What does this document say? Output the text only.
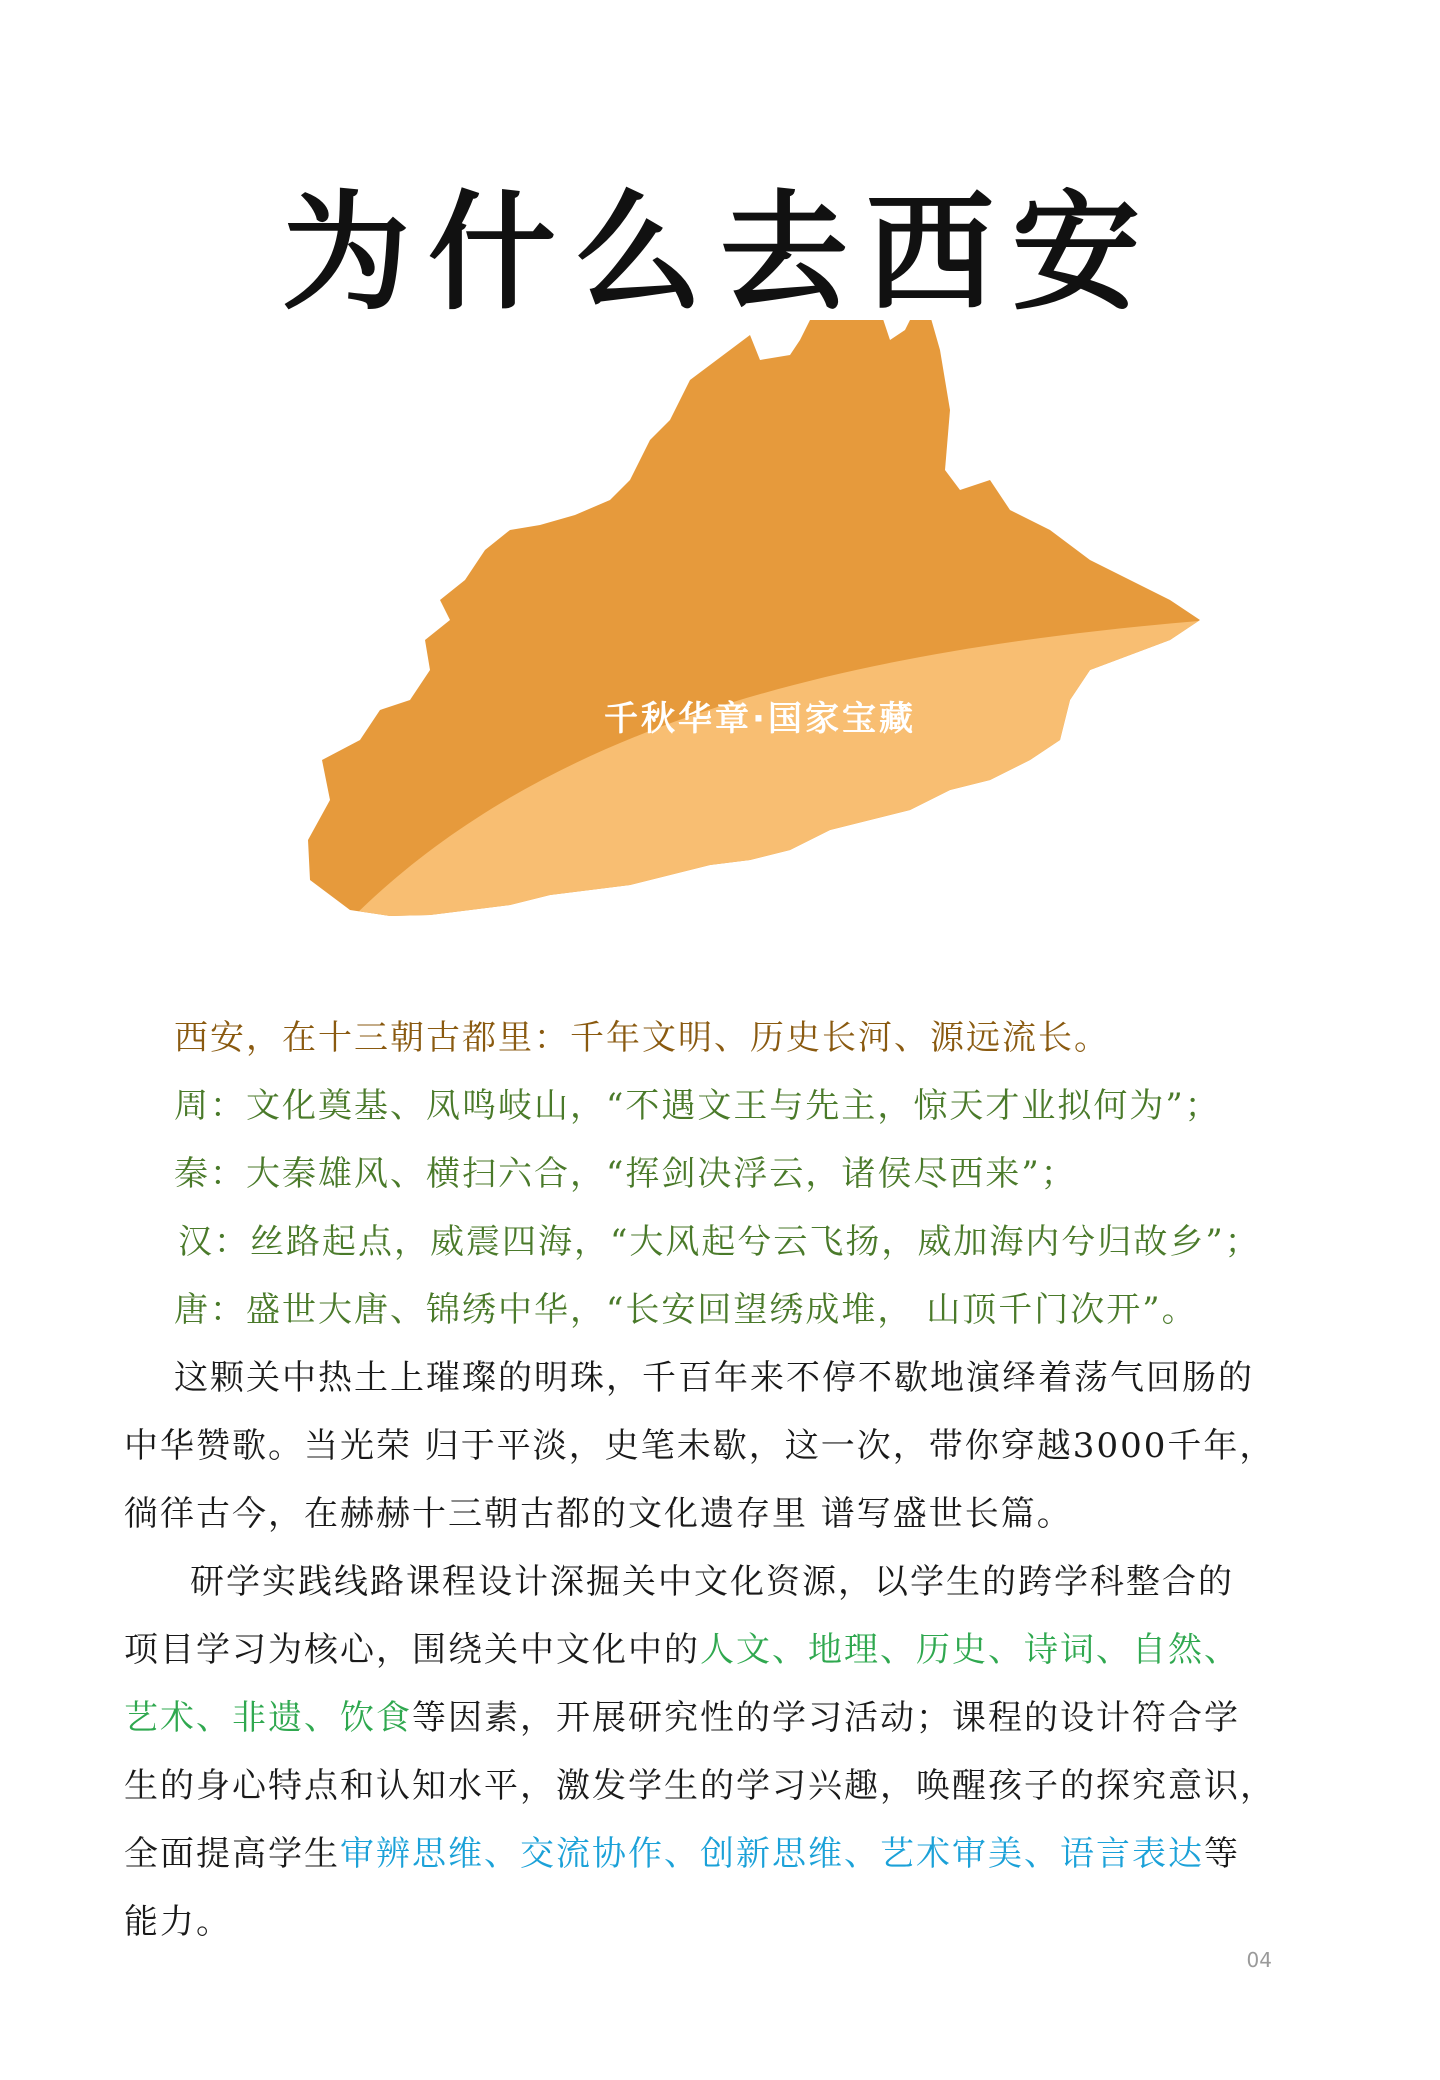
为什么去西安
千秋华章·国家宝藏
西安，在十三朝古都里：千年文明、历史长河、源远流长。
周：文化奠基、凤鸣岐山，“不遇文王与先主，惊天才业拟何为”；
秦：大秦雄风、横扫六合，“挥剑决浮云，诸侯尽西来”；
汉：丝路起点，威震四海，“大风起兮云飞扬，威加海内兮归故乡”；
唐：盛世大唐、锦绣中华，“长安回望绣成堆， 山顶千门次开”。
这颗关中热土上璀璨的明珠，千百年来不停不歇地演绎着荡气回肠的
中华赞歌。当光荣 归于平淡，史笔未歇，这一次，带你穿越3000千年，
徜徉古今，在赫赫十三朝古都的文化遗存里 谱写盛世长篇。
研学实践线路课程设计深掘关中文化资源，以学生的跨学科整合的
项目学习为核心，围绕关中文化中的人文、地理、历史、诗词、自然、
艺术、非遗、饮食等因素，开展研究性的学习活动；课程的设计符合学
生的身心特点和认知水平，激发学生的学习兴趣，唤醒孩子的探究意识，
全面提高学生审辨思维、交流协作、创新思维、艺术审美、语言表达等
能力。
04
